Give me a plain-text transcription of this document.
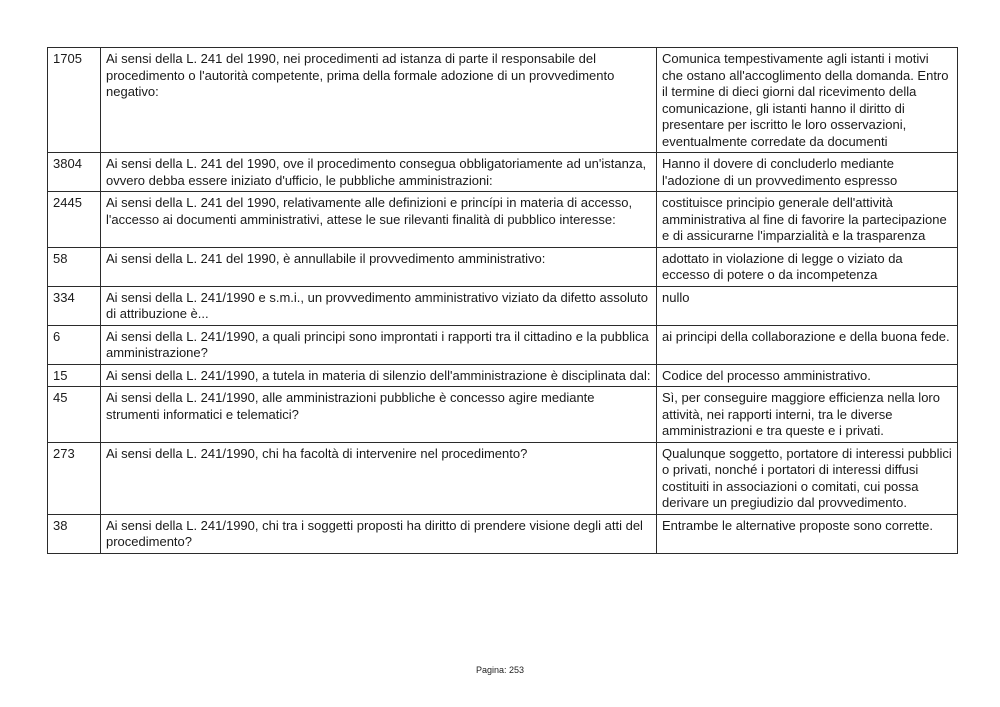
1705	Ai sensi della L. 241 del 1990, nei procedimenti ad istanza di parte il responsabile del procedimento o l'autorità competente, prima della formale adozione di un provvedimento negativo:	Comunica tempestivamente agli istanti i motivi che ostano all'accoglimento della domanda. Entro il termine di dieci giorni dal ricevimento della comunicazione, gli istanti hanno il diritto di presentare per iscritto le loro osservazioni, eventualmente corredate da documenti
3804	Ai sensi della L. 241 del 1990, ove il procedimento consegua obbligatoriamente ad un'istanza, ovvero debba essere iniziato d'ufficio, le pubbliche amministrazioni:	Hanno il dovere di concluderlo mediante l'adozione di un provvedimento espresso
2445	Ai sensi della L. 241 del 1990, relativamente alle definizioni e princípi in materia di accesso, l'accesso ai documenti amministrativi, attese le sue rilevanti finalità di pubblico interesse:	costituisce principio generale dell'attività amministrativa al fine di favorire la partecipazione e di assicurarne l'imparzialità e la trasparenza
58	Ai sensi della L. 241 del 1990, è annullabile il provvedimento amministrativo:	adottato in violazione di legge o viziato da eccesso di potere o da incompetenza
334	Ai sensi della L. 241/1990 e s.m.i., un provvedimento amministrativo viziato da difetto assoluto di attribuzione è...	nullo
6	Ai sensi della L. 241/1990, a quali principi sono improntati i rapporti tra il cittadino e la pubblica amministrazione?	ai principi della collaborazione e della buona fede.
15	Ai sensi della L. 241/1990, a tutela in materia di silenzio dell'amministrazione è disciplinata dal:	Codice del processo amministrativo.
45	Ai sensi della L. 241/1990, alle amministrazioni pubbliche è concesso agire mediante strumenti informatici e telematici?	Sì, per conseguire maggiore efficienza nella loro attività, nei rapporti interni, tra le diverse amministrazioni e tra queste e i privati.
273	Ai sensi della L. 241/1990, chi ha facoltà di intervenire nel procedimento?	Qualunque soggetto, portatore di interessi pubblici o privati, nonché i portatori di interessi diffusi costituiti in associazioni o comitati, cui possa derivare un pregiudizio dal provvedimento.
38	Ai sensi della L. 241/1990, chi tra i soggetti proposti ha diritto di prendere visione degli atti del procedimento?	Entrambe le alternative proposte sono corrette.
Pagina: 253
